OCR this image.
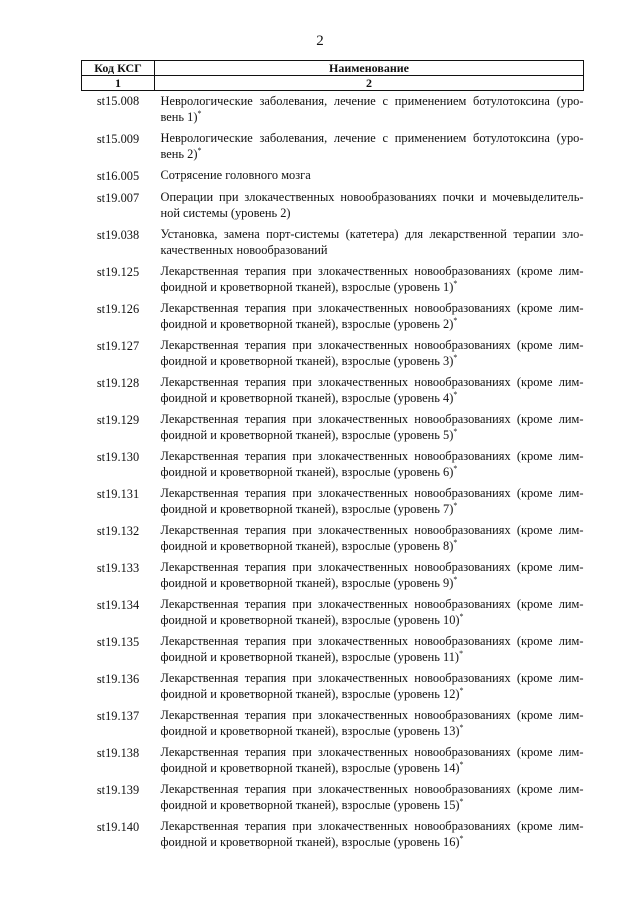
2
Код КСГ	Наименование
1	2
st15.008	Неврологические заболевания, лечение с применением ботулотоксина (уро-вень 1)*
st15.009	Неврологические заболевания, лечение с применением ботулотоксина (уро-вень 2)*
st16.005	Сотрясение головного мозга
st19.007	Операции при злокачественных новообразованиях почки и мочевыделитель-ной системы (уровень 2)
st19.038	Установка, замена порт-системы (катетера) для лекарственной терапии зло-качественных новообразований
st19.125	Лекарственная терапия при злокачественных новообразованиях (кроме лим-фоидной и кроветворной тканей), взрослые (уровень 1)*
st19.126	Лекарственная терапия при злокачественных новообразованиях (кроме лим-фоидной и кроветворной тканей), взрослые (уровень 2)*
st19.127	Лекарственная терапия при злокачественных новообразованиях (кроме лим-фоидной и кроветворной тканей), взрослые (уровень 3)*
st19.128	Лекарственная терапия при злокачественных новообразованиях (кроме лим-фоидной и кроветворной тканей), взрослые (уровень 4)*
st19.129	Лекарственная терапия при злокачественных новообразованиях (кроме лим-фоидной и кроветворной тканей), взрослые (уровень 5)*
st19.130	Лекарственная терапия при злокачественных новообразованиях (кроме лим-фоидной и кроветворной тканей), взрослые (уровень 6)*
st19.131	Лекарственная терапия при злокачественных новообразованиях (кроме лим-фоидной и кроветворной тканей), взрослые (уровень 7)*
st19.132	Лекарственная терапия при злокачественных новообразованиях (кроме лим-фоидной и кроветворной тканей), взрослые (уровень 8)*
st19.133	Лекарственная терапия при злокачественных новообразованиях (кроме лим-фоидной и кроветворной тканей), взрослые (уровень 9)*
st19.134	Лекарственная терапия при злокачественных новообразованиях (кроме лим-фоидной и кроветворной тканей), взрослые (уровень 10)*
st19.135	Лекарственная терапия при злокачественных новообразованиях (кроме лим-фоидной и кроветворной тканей), взрослые (уровень 11)*
st19.136	Лекарственная терапия при злокачественных новообразованиях (кроме лим-фоидной и кроветворной тканей), взрослые (уровень 12)*
st19.137	Лекарственная терапия при злокачественных новообразованиях (кроме лим-фоидной и кроветворной тканей), взрослые (уровень 13)*
st19.138	Лекарственная терапия при злокачественных новообразованиях (кроме лим-фоидной и кроветворной тканей), взрослые (уровень 14)*
st19.139	Лекарственная терапия при злокачественных новообразованиях (кроме лим-фоидной и кроветворной тканей), взрослые (уровень 15)*
st19.140	Лекарственная терапия при злокачественных новообразованиях (кроме лим-фоидной и кроветворной тканей), взрослые (уровень 16)*
